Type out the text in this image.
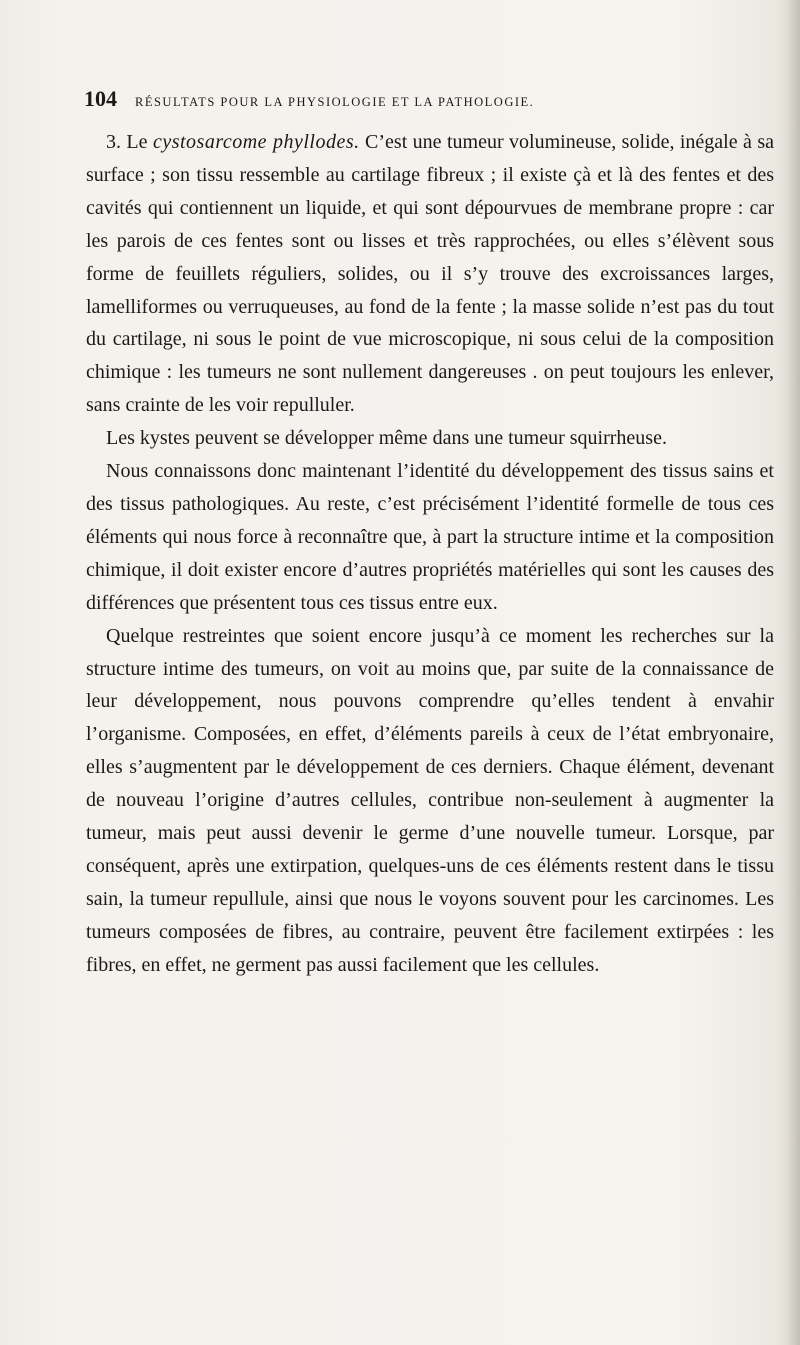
104 RÉSULTATS POUR LA PHYSIOLOGIE ET LA PATHOLOGIE.

3. Le cystosarcome phyllodes. C’est une tumeur volumineuse, solide, inégale à sa surface ; son tissu ressemble au cartilage fibreux ; il existe çà et là des fentes et des cavités qui contiennent un liquide, et qui sont dépourvues de membrane propre : car les parois de ces fentes sont ou lisses et très rapprochées, ou elles s’élèvent sous forme de feuillets réguliers, solides, ou il s’y trouve des excroissances larges, lamelliformes ou verruqueuses, au fond de la fente ; la masse solide n’est pas du tout du cartilage, ni sous le point de vue microscopique, ni sous celui de la composition chimique : les tumeurs ne sont nullement dangereuses . on peut toujours les enlever, sans crainte de les voir repulluler.

Les kystes peuvent se développer même dans une tumeur squirrheuse.

Nous connaissons donc maintenant l’identité du développement des tissus sains et des tissus pathologiques. Au reste, c’est précisément l’identité formelle de tous ces éléments qui nous force à reconnaître que, à part la structure intime et la composition chimique, il doit exister encore d’autres propriétés matérielles qui sont les causes des différences que présentent tous ces tissus entre eux.

Quelque restreintes que soient encore jusqu’à ce moment les recherches sur la structure intime des tumeurs, on voit au moins que, par suite de la connaissance de leur développement, nous pouvons comprendre qu’elles tendent à envahir l’organisme. Composées, en effet, d’éléments pareils à ceux de l’état embryonaire, elles s’augmentent par le développement de ces derniers. Chaque élément, devenant de nouveau l’origine d’autres cellules, contribue non-seulement à augmenter la tumeur, mais peut aussi devenir le germe d’une nouvelle tumeur. Lorsque, par conséquent, après une extirpation, quelques-uns de ces éléments restent dans le tissu sain, la tumeur repullule, ainsi que nous le voyons souvent pour les carcinomes. Les tumeurs composées de fibres, au contraire, peuvent être facilement extirpées : les fibres, en effet, ne germent pas aussi facilement que les cellules.
